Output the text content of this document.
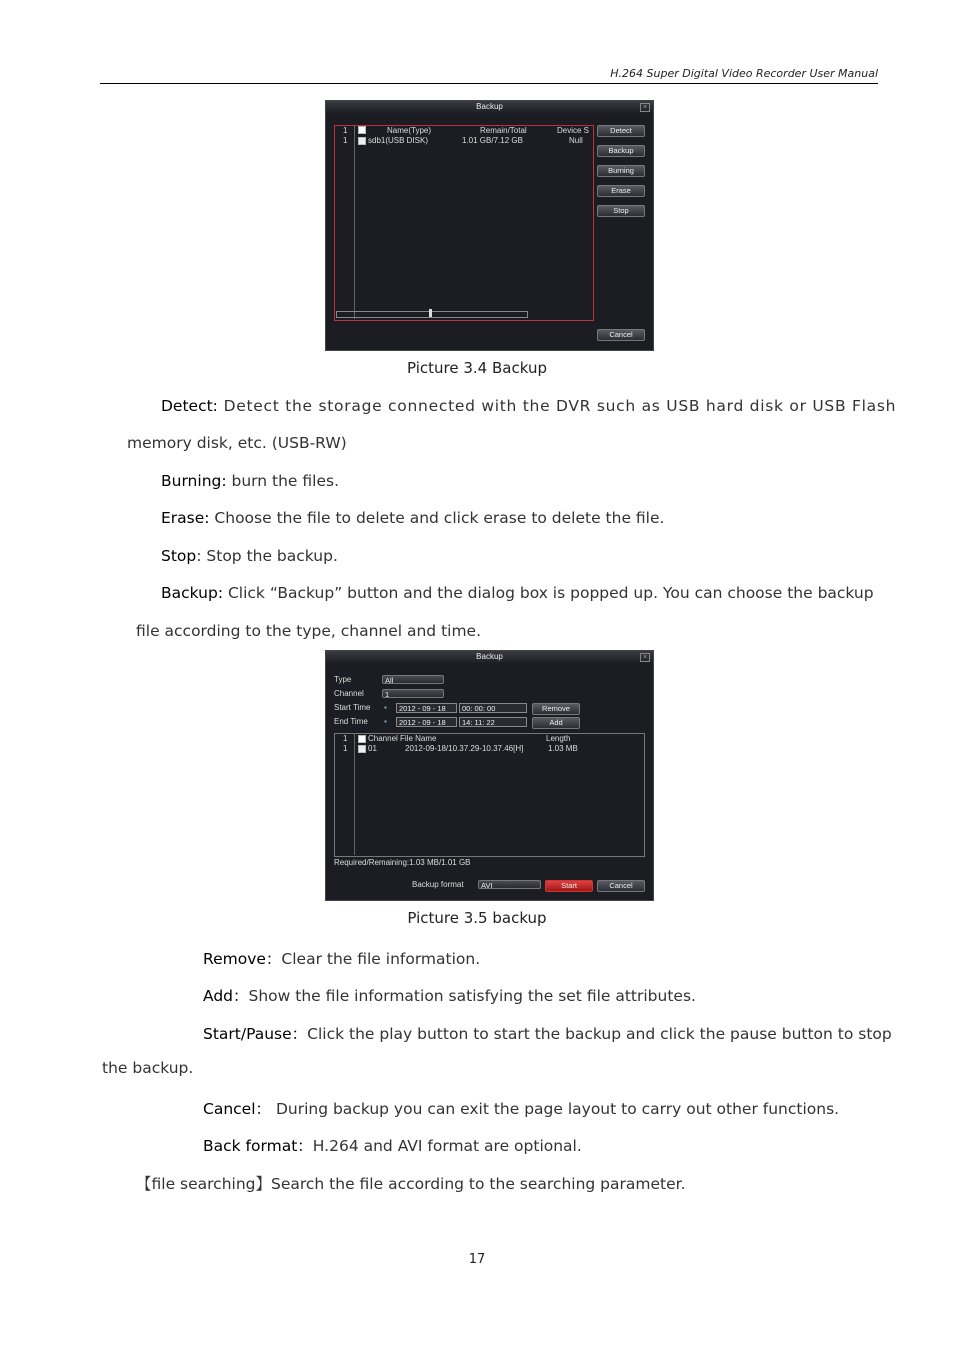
H.264 Super Digital Video Recorder User Manual
Backup	×
1	Name(Type)	Remain/Total	Device S
1	sdb1(USB DISK)	1.01 GB/7.12 GB	Null
Detect
Backup
Burning
Erase
Stop
Cancel
Picture 3.4 Backup
Detect: Detect the storage connected with the DVR such as USB hard disk or USB Flash
memory disk, etc. (USB-RW)
Burning: burn the files.
Erase: Choose the file to delete and click erase to delete the file.
Stop: Stop the backup.
Backup: Click “Backup” button and the dialog box is popped up. You can choose the backup
file according to the type, channel and time.
Backup	×
Type	All
Channel	1
Start Time ▪	2012 - 09 - 18	00: 00: 00	Remove
End Time ▪	2012 - 09 - 18	14: 11: 22	Add
1	Channel File Name	Length
1	01	2012-09-18/10.37.29-10.37.46[H]	1.03 MB
Required/Remaining:1.03 MB/1.01 GB
Backup format	AVI	Start	Cancel
Picture 3.5 backup
Remove：Clear the file information.
Add：Show the file information satisfying the set file attributes.
Start/Pause：Click the play button to start the backup and click the pause button to stop
the backup.
Cancel： During backup you can exit the page layout to carry out other functions.
Back format：H.264 and AVI format are optional.
【file searching】Search the file according to the searching parameter.
17
